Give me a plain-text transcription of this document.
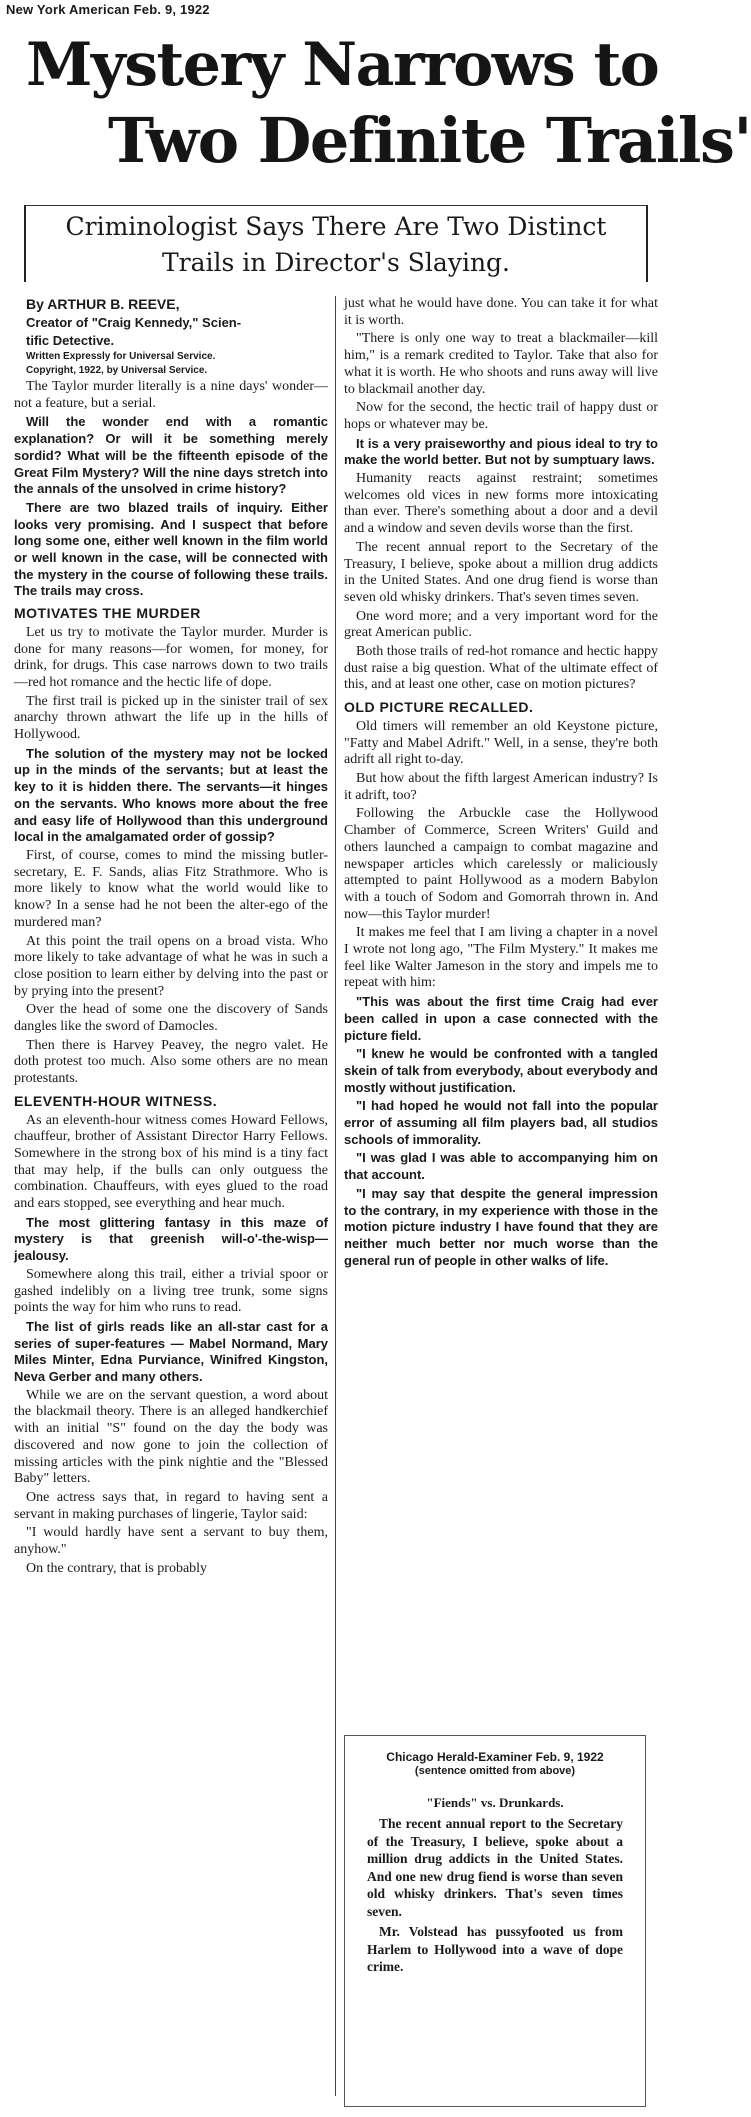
New York American Feb. 9, 1922
Mystery Narrows to
Two Definite Trails'
Criminologist Says There Are Two Distinct
Trails in Director's Slaying.

By ARTHUR B. REEVE,

Creator of "Craig Kennedy," Scien-

tific Detective.

Written Expressly for Universal Service.

Copyright, 1922, by Universal Service.

The Taylor murder literally is a nine days' wonder—not a feature, but a serial.

Will the wonder end with a romantic explanation? Or will it be something merely sordid? What will be the fifteenth episode of the Great Film Mystery? Will the nine days stretch into the annals of the unsolved in crime history?

There are two blazed trails of inquiry. Either looks very promising. And I suspect that before long some one, either well known in the film world or well known in the case, will be connected with the mystery in the course of following these trails. The trails may cross.

MOTIVATES THE MURDER

Let us try to motivate the Taylor murder. Murder is done for many reasons—for women, for money, for drink, for drugs. This case narrows down to two trails—red hot romance and the hectic life of dope.

The first trail is picked up in the sinister trail of sex anarchy thrown athwart the life up in the hills of Hollywood.

The solution of the mystery may not be locked up in the minds of the servants; but at least the key to it is hidden there. The servants—it hinges on the servants. Who knows more about the free and easy life of Hollywood than this underground local in the amalgamated order of gossip?

First, of course, comes to mind the missing butler-secretary, E. F. Sands, alias Fitz Strathmore. Who is more likely to know what the world would like to know? In a sense had he not been the alter-ego of the murdered man?

At this point the trail opens on a broad vista. Who more likely to take advantage of what he was in such a close position to learn either by delving into the past or by prying into the present?

Over the head of some one the discovery of Sands dangles like the sword of Damocles.

Then there is Harvey Peavey, the negro valet. He doth protest too much. Also some others are no mean protestants.

ELEVENTH-HOUR WITNESS.

As an eleventh-hour witness comes Howard Fellows, chauffeur, brother of Assistant Director Harry Fellows. Somewhere in the strong box of his mind is a tiny fact that may help, if the bulls can only outguess the combination. Chauffeurs, with eyes glued to the road and ears stopped, see everything and hear much.

The most glittering fantasy in this maze of mystery is that greenish will-o'-the-wisp—jealousy.

Somewhere along this trail, either a trivial spoor or gashed indelibly on a living tree trunk, some signs points the way for him who runs to read.

The list of girls reads like an all-star cast for a series of super-features — Mabel Normand, Mary Miles Minter, Edna Purviance, Winifred Kingston, Neva Gerber and many others.

While we are on the servant question, a word about the blackmail theory. There is an alleged handkerchief with an initial "S" found on the day the body was discovered and now gone to join the collection of missing articles with the pink nightie and the "Blessed Baby" letters.

One actress says that, in regard to having sent a servant in making purchases of lingerie, Taylor said:

"I would hardly have sent a servant to buy them, anyhow."

On the contrary, that is probably

just what he would have done. You can take it for what it is worth.

"There is only one way to treat a blackmailer—kill him," is a remark credited to Taylor. Take that also for what it is worth. He who shoots and runs away will live to blackmail another day.

Now for the second, the hectic trail of happy dust or hops or whatever may be.

It is a very praiseworthy and pious ideal to try to make the world better. But not by sumptuary laws.

Humanity reacts against restraint; sometimes welcomes old vices in new forms more intoxicating than ever. There's something about a door and a devil and a window and seven devils worse than the first.

The recent annual report to the Secretary of the Treasury, I believe, spoke about a million drug addicts in the United States. And one drug fiend is worse than seven old whisky drinkers. That's seven times seven.

One word more; and a very important word for the great American public.

Both those trails of red-hot romance and hectic happy dust raise a big question. What of the ultimate effect of this, and at least one other, case on motion pictures?

OLD PICTURE RECALLED.

Old timers will remember an old Keystone picture, "Fatty and Mabel Adrift." Well, in a sense, they're both adrift all right to-day.

But how about the fifth largest American industry? Is it adrift, too?

Following the Arbuckle case the Hollywood Chamber of Commerce, Screen Writers' Guild and others launched a campaign to combat magazine and newspaper articles which carelessly or maliciously attempted to paint Hollywood as a modern Babylon with a touch of Sodom and Gomorrah thrown in. And now—this Taylor murder!

It makes me feel that I am living a chapter in a novel I wrote not long ago, "The Film Mystery." It makes me feel like Walter Jameson in the story and impels me to repeat with him:

"This was about the first time Craig had ever been called in upon a case connected with the picture field.

"I knew he would be confronted with a tangled skein of talk from everybody, about everybody and mostly without justification.

"I had hoped he would not fall into the popular error of assuming all film players bad, all studios schools of immorality.

"I was glad I was able to accompanying him on that account.

"I may say that despite the general impression to the contrary, in my experience with those in the motion picture industry I have found that they are neither much better nor much worse than the general run of people in other walks of life.

Chicago Herald-Examiner Feb. 9, 1922
(sentence omitted from above)
"Fiends" vs. Drunkards.

The recent annual report to the Secretary of the Treasury, I believe, spoke about a million drug addicts in the United States. And one new drug fiend is worse than seven old whisky drinkers. That's seven times seven.

Mr. Volstead has pussyfooted us from Harlem to Hollywood into a wave of dope crime.
